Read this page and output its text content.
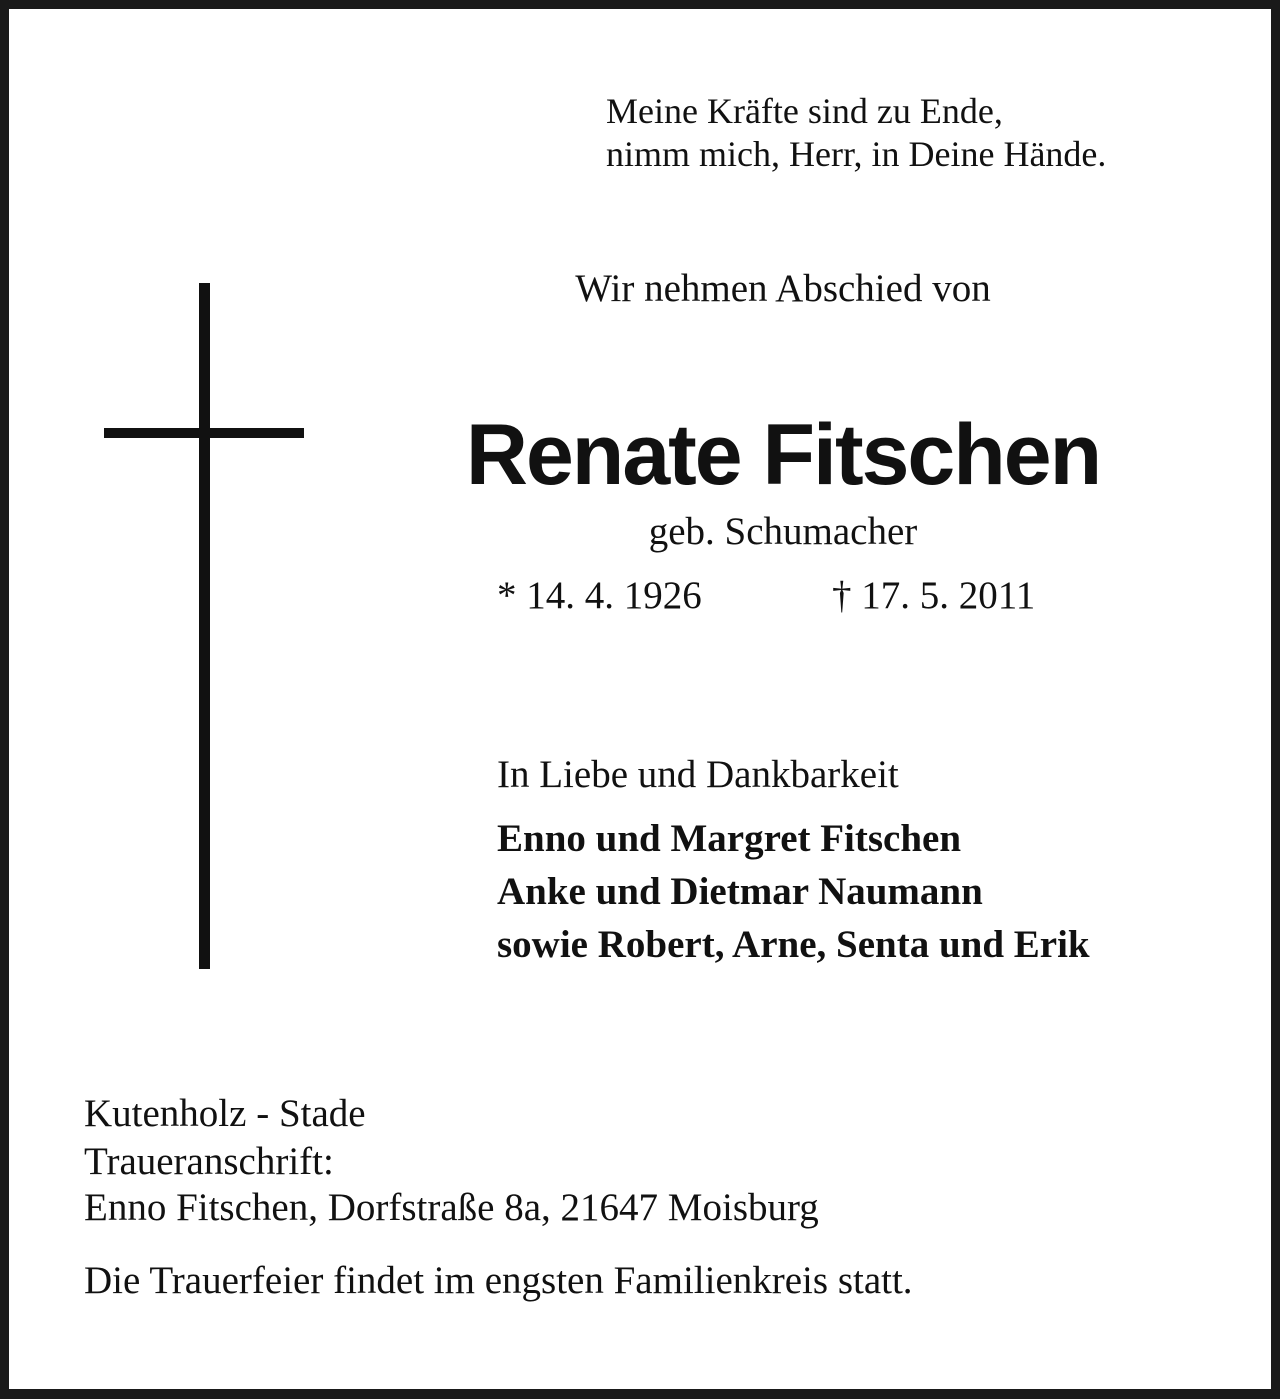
Meine Kräfte sind zu Ende,
nimm mich, Herr, in Deine Hände.
Wir nehmen Abschied von
Renate Fitschen
geb. Schumacher
* 14. 4. 1926	† 17. 5. 2011
In Liebe und Dankbarkeit
Enno und Margret Fitschen
Anke und Dietmar Naumann
sowie Robert, Arne, Senta und Erik
Kutenholz - Stade
Traueranschrift:
Enno Fitschen, Dorfstraße 8a, 21647 Moisburg
Die Trauerfeier findet im engsten Familienkreis statt.
